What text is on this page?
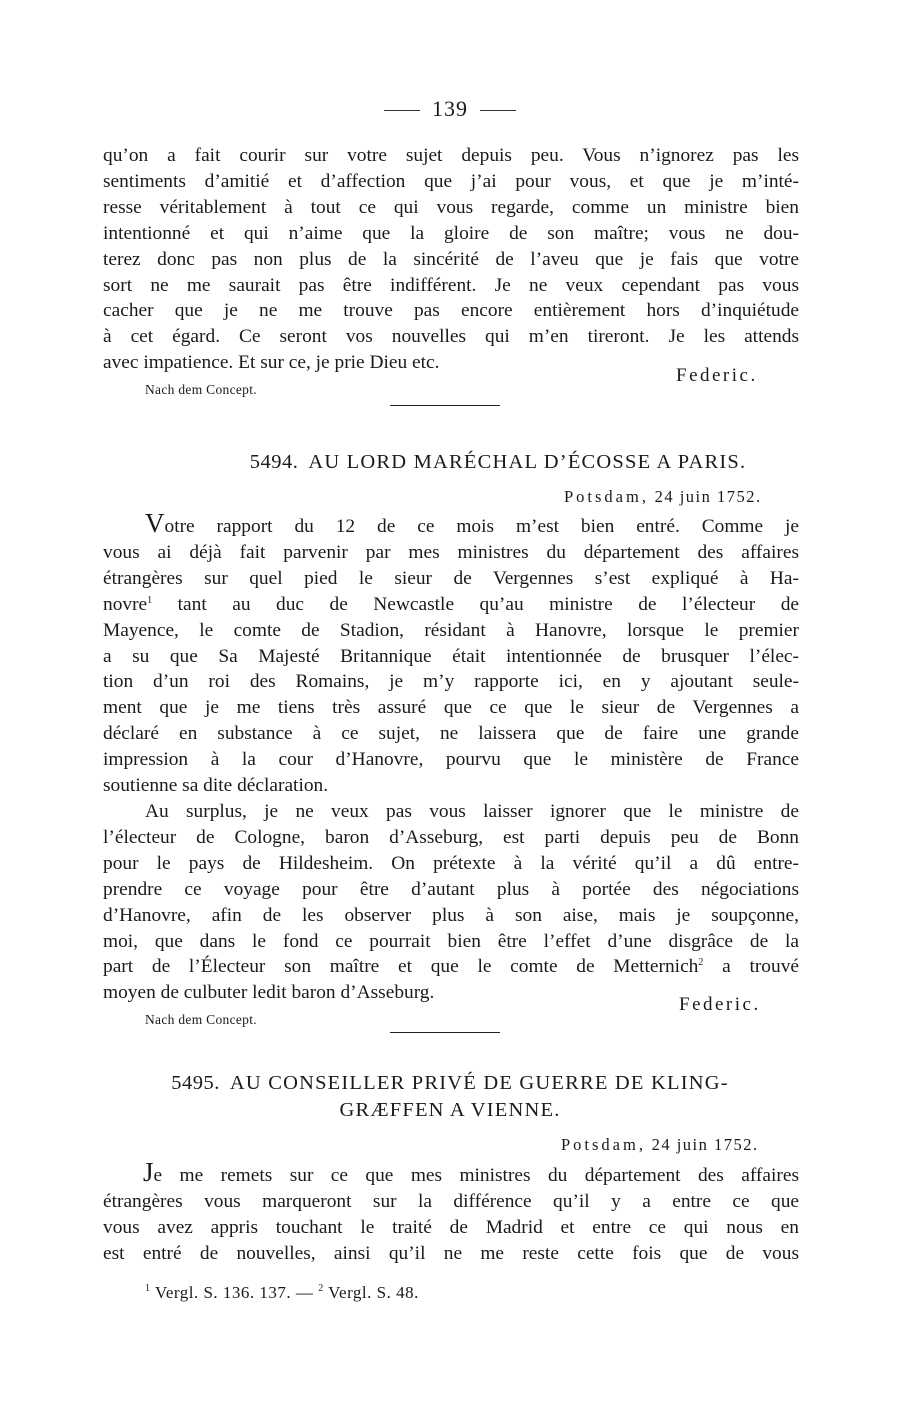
139

qu’on a fait courir sur votre sujet depuis peu. Vous n’ignorez pas les
sentiments d’amitié et d’affection que j’ai pour vous, et que je m’inté-
resse véritablement à tout ce qui vous regarde, comme un ministre bien
intentionné et qui n’aime que la gloire de son maître; vous ne dou-
terez donc pas non plus de la sincérité de l’aveu que je fais que votre
sort ne me saurait pas être indifférent. Je ne veux cependant pas vous
cacher que je ne me trouve pas encore entièrement hors d’inquiétude
à cet égard. Ce seront vos nouvelles qui m’en tireront. Je les attends
avec impatience. Et sur ce, je prie Dieu etc.

Federic.
Nach dem Concept.
5494. AU LORD MARÉCHAL D’ÉCOSSE A PARIS.
Potsdam, 24 juin 1752.

Votre rapport du 12 de ce mois m’est bien entré. Comme je
vous ai déjà fait parvenir par mes ministres du département des affaires
étrangères sur quel pied le sieur de Vergennes s’est expliqué à Ha-
novre$^1$ tant au duc de Newcastle qu’au ministre de l’électeur de
Mayence, le comte de Stadion, résidant à Hanovre, lorsque le premier
a su que Sa Majesté Britannique était intentionnée de brusquer l’élec-
tion d’un roi des Romains, je m’y rapporte ici, en y ajoutant seule-
ment que je me tiens très assuré que ce que le sieur de Vergennes a
déclaré en substance à ce sujet, ne laissera que de faire une grande
impression à la cour d’Hanovre, pourvu que le ministère de France
soutienne sa dite déclaration.

Au surplus, je ne veux pas vous laisser ignorer que le ministre de
l’électeur de Cologne, baron d’Asseburg, est parti depuis peu de Bonn
pour le pays de Hildesheim. On prétexte à la vérité qu’il a dû entre-
prendre ce voyage pour être d’autant plus à portée des négociations
d’Hanovre, afin de les observer plus à son aise, mais je soupçonne,
moi, que dans le fond ce pourrait bien être l’effet d’une disgrâce de la
part de l’Électeur son maître et que le comte de Metternich$^2$ a trouvé
moyen de culbuter ledit baron d’Asseburg.

Federic.
Nach dem Concept.
5495. AU CONSEILLER PRIVÉ DE GUERRE DE KLING-
GRÆFFEN A VIENNE.
Potsdam, 24 juin 1752.

Je me remets sur ce que mes ministres du département des affaires
étrangères vous marqueront sur la différence qu’il y a entre ce que
vous avez appris touchant le traité de Madrid et entre ce qui nous en
est entré de nouvelles, ainsi qu’il ne me reste cette fois que de vous

$^1$ Vergl. S. 136. 137. — $^2$ Vergl. S. 48.
